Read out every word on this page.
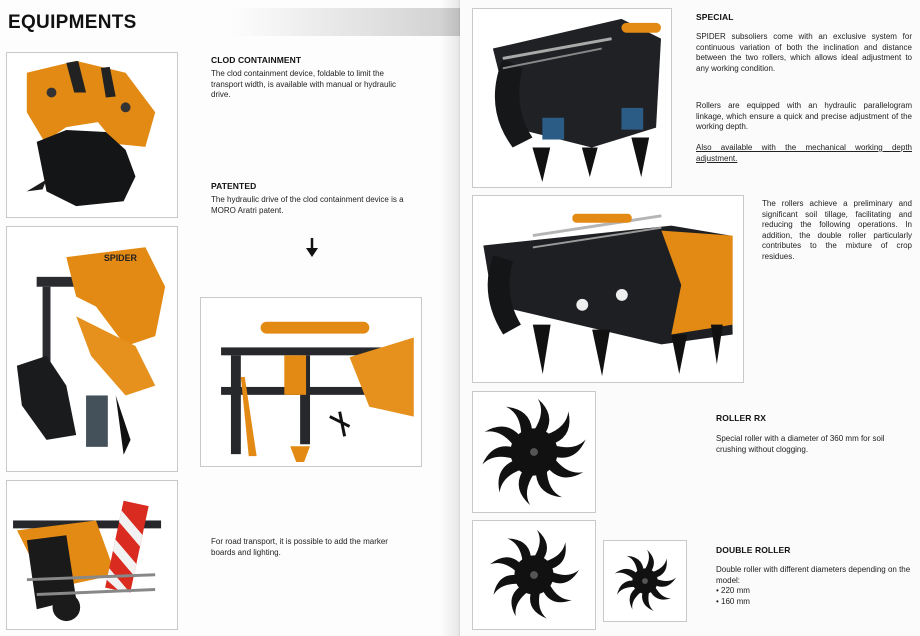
EQUIPMENTS
SPIDER
CLOD CONTAINMENT
The clod containment device, foldable to limit the transport width, is available with manual or hydraulic drive.
PATENTED
The hydraulic drive of the clod containment device is a MORO Aratri patent.
For road transport, it is possible to add the marker boards and lighting.
SPECIAL
SPIDER subsoliers come with an exclusive system for continuous variation of both the inclination and distance between the two rollers, which allows ideal adjustment to any working condition.
Rollers are equipped with an hydraulic parallelogram linkage, which ensure a quick and precise adjustment of the working depth.
Also available with the mechanical working depth adjustment.
The rollers achieve a preliminary and significant soil tillage, facilitating and reducing the following operations. In addition, the double roller particularly contributes to the mixture of crop residues.
ROLLER RX
Special roller with a diameter of 360 mm for soil crushing without clogging.
DOUBLE ROLLER
Double roller with different diameters depending on the model:
• 220 mm
• 160 mm
